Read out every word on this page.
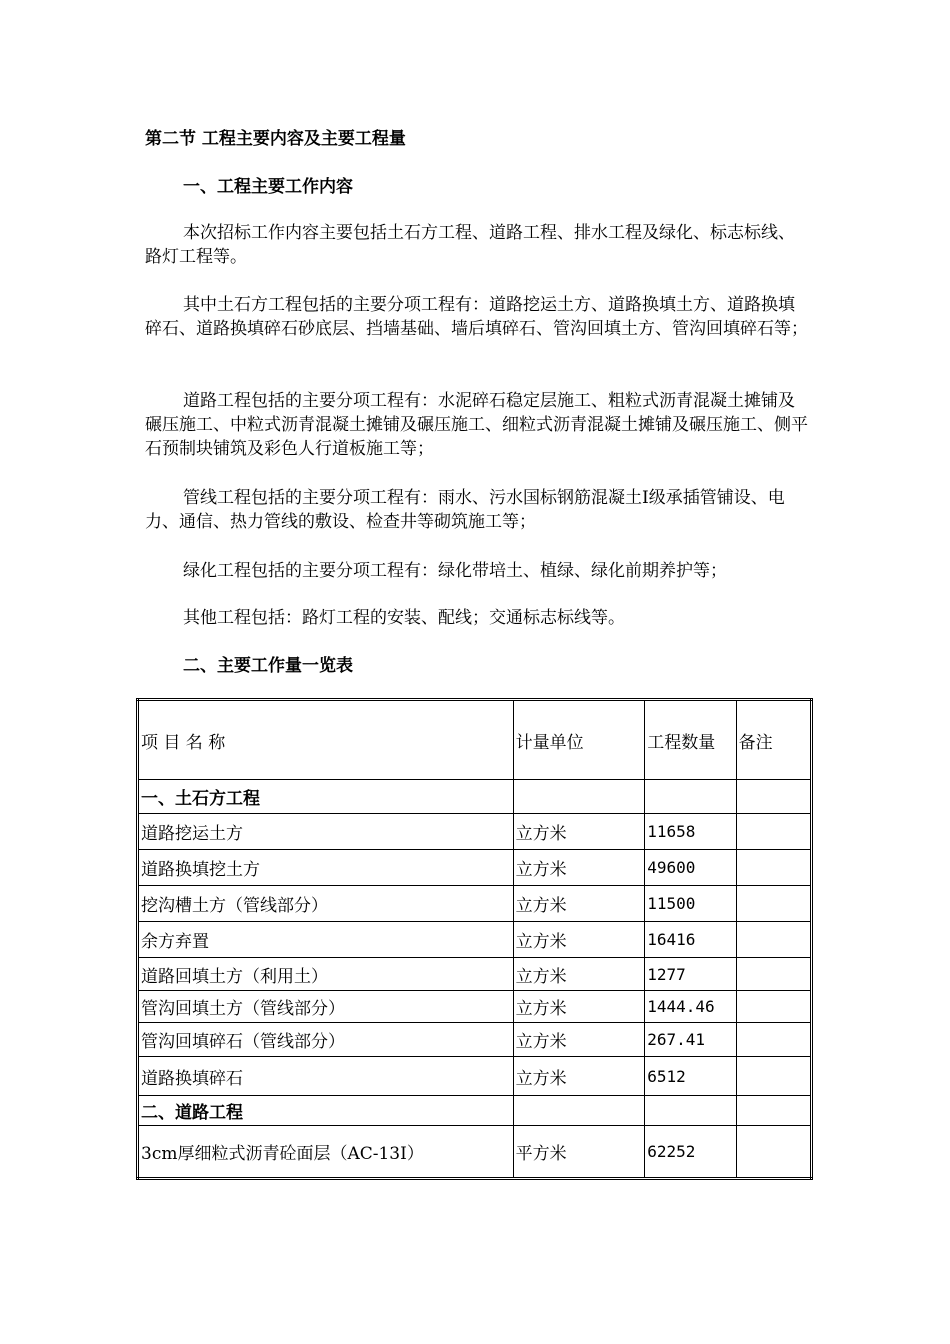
第二节 工程主要内容及主要工程量
一、工程主要工作内容

本次招标工作内容主要包括土石方工程、道路工程、排水工程及绿化、标志标线、路灯工程等。

其中土石方工程包括的主要分项工程有：道路挖运土方、道路换填土方、道路换填碎石、道路换填碎石砂底层、挡墙基础、墙后填碎石、管沟回填土方、管沟回填碎石等；

道路工程包括的主要分项工程有：水泥碎石稳定层施工、粗粒式沥青混凝土摊铺及碾压施工、中粒式沥青混凝土摊铺及碾压施工、细粒式沥青混凝土摊铺及碾压施工、侧平石预制块铺筑及彩色人行道板施工等；

管线工程包括的主要分项工程有：雨水、污水国标钢筋混凝土Ⅰ级承插管铺设、电力、通信、热力管线的敷设、检查井等砌筑施工等；

绿化工程包括的主要分项工程有：绿化带培土、植绿、绿化前期养护等；

其他工程包括：路灯工程的安装、配线；交通标志标线等。

二、主要工作量一览表
项 目 名 称	计量单位	工程数量	备注
一、土石方工程			
道路挖运土方	立方米	11658	
道路换填挖土方	立方米	49600	
挖沟槽土方（管线部分）	立方米	11500	
余方弃置	立方米	16416	
道路回填土方（利用土）	立方米	1277	
管沟回填土方（管线部分）	立方米	1444.46	
管沟回填碎石（管线部分）	立方米	267.41	
道路换填碎石	立方米	6512	
二、道路工程			
3cm厚细粒式沥青砼面层（AC-13I）	平方米	62252	
